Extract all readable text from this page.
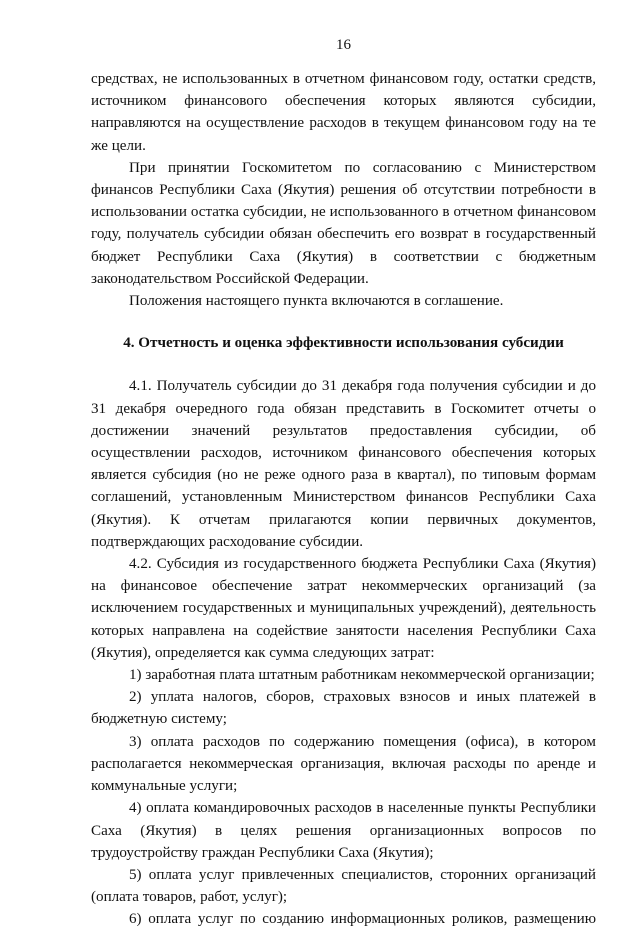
16

средствах, не использованных в отчетном финансовом году, остатки средств, источником финансового обеспечения которых являются субсидии, направляются на осуществление расходов в текущем финансовом году на те же цели.

При принятии Госкомитетом по согласованию с Министерством финансов Республики Саха (Якутия) решения об отсутствии потребности в использовании остатка субсидии, не использованного в отчетном финансовом году, получатель субсидии обязан обеспечить его возврат в государственный бюджет Республики Саха (Якутия) в соответствии с бюджетным законодательством Российской Федерации.

Положения настоящего пункта включаются в соглашение.

4. Отчетность и оценка эффективности использования субсидии

4.1. Получатель субсидии до 31 декабря года получения субсидии и до 31 декабря очередного года обязан представить в Госкомитет отчеты о достижении значений результатов предоставления субсидии, об осуществлении расходов, источником финансового обеспечения которых является субсидия (но не реже одного раза в квартал), по типовым формам соглашений, установленным Министерством финансов Республики Саха (Якутия). К отчетам прилагаются копии первичных документов, подтверждающих расходование субсидии.

4.2. Субсидия из государственного бюджета Республики Саха (Якутия) на финансовое обеспечение затрат некоммерческих организаций (за исключением государственных и муниципальных учреждений), деятельность которых направлена на содействие занятости населения Республики Саха (Якутия), определяется как сумма следующих затрат:

1) заработная плата штатным работникам некоммерческой организации;

2) уплата налогов, сборов, страховых взносов и иных платежей в бюджетную систему;

3) оплата расходов по содержанию помещения (офиса), в котором располагается некоммерческая организация, включая расходы по аренде и коммунальные услуги;

4) оплата командировочных расходов в населенные пункты Республики Саха (Якутия) в целях решения организационных вопросов по трудоустройству граждан Республики Саха (Якутия);

5) оплата услуг привлеченных специалистов, сторонних организаций (оплата товаров, работ, услуг);

6) оплата услуг по созданию информационных роликов, размещению
